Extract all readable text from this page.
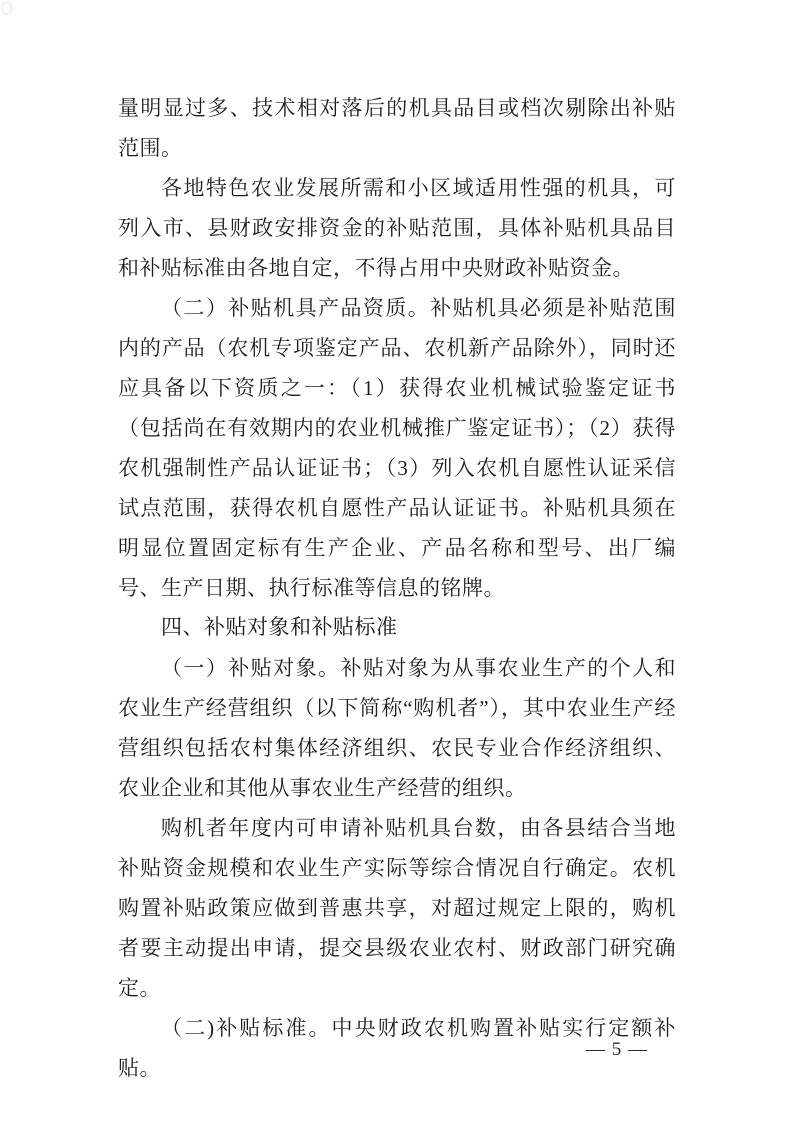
量明显过多、技术相对落后的机具品目或档次剔除出补贴范围。

各地特色农业发展所需和小区域适用性强的机具，可列入市、县财政安排资金的补贴范围，具体补贴机具品目和补贴标准由各地自定，不得占用中央财政补贴资金。

（二）补贴机具产品资质。补贴机具必须是补贴范围内的产品（农机专项鉴定产品、农机新产品除外），同时还应具备以下资质之一：（1）获得农业机械试验鉴定证书（包括尚在有效期内的农业机械推广鉴定证书）；（2）获得农机强制性产品认证证书；（3）列入农机自愿性认证采信试点范围，获得农机自愿性产品认证证书。补贴机具须在明显位置固定标有生产企业、产品名称和型号、出厂编号、生产日期、执行标准等信息的铭牌。

四、补贴对象和补贴标准

（一）补贴对象。补贴对象为从事农业生产的个人和农业生产经营组织（以下简称“购机者”），其中农业生产经营组织包括农村集体经济组织、农民专业合作经济组织、农业企业和其他从事农业生产经营的组织。

购机者年度内可申请补贴机具台数，由各县结合当地补贴资金规模和农业生产实际等综合情况自行确定。农机购置补贴政策应做到普惠共享，对超过规定上限的，购机者要主动提出申请，提交县级农业农村、财政部门研究确定。

（二)补贴标准。中央财政农机购置补贴实行定额补贴。

— 5 —
